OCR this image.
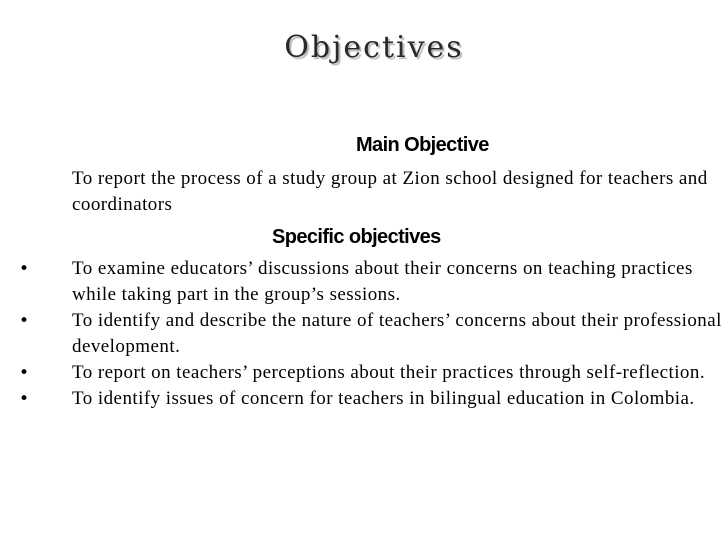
Objectives
Main Objective
To report the process of a study group at Zion school designed for teachers and coordinators
Specific objectives
• To examine educators’ discussions about their concerns on teaching practices while taking part in the group’s sessions.
• To identify and describe the nature of teachers’ concerns about their professional development.
• To report on teachers’ perceptions about their practices through self-reflection.
• To identify issues of concern for teachers in bilingual education in Colombia.
